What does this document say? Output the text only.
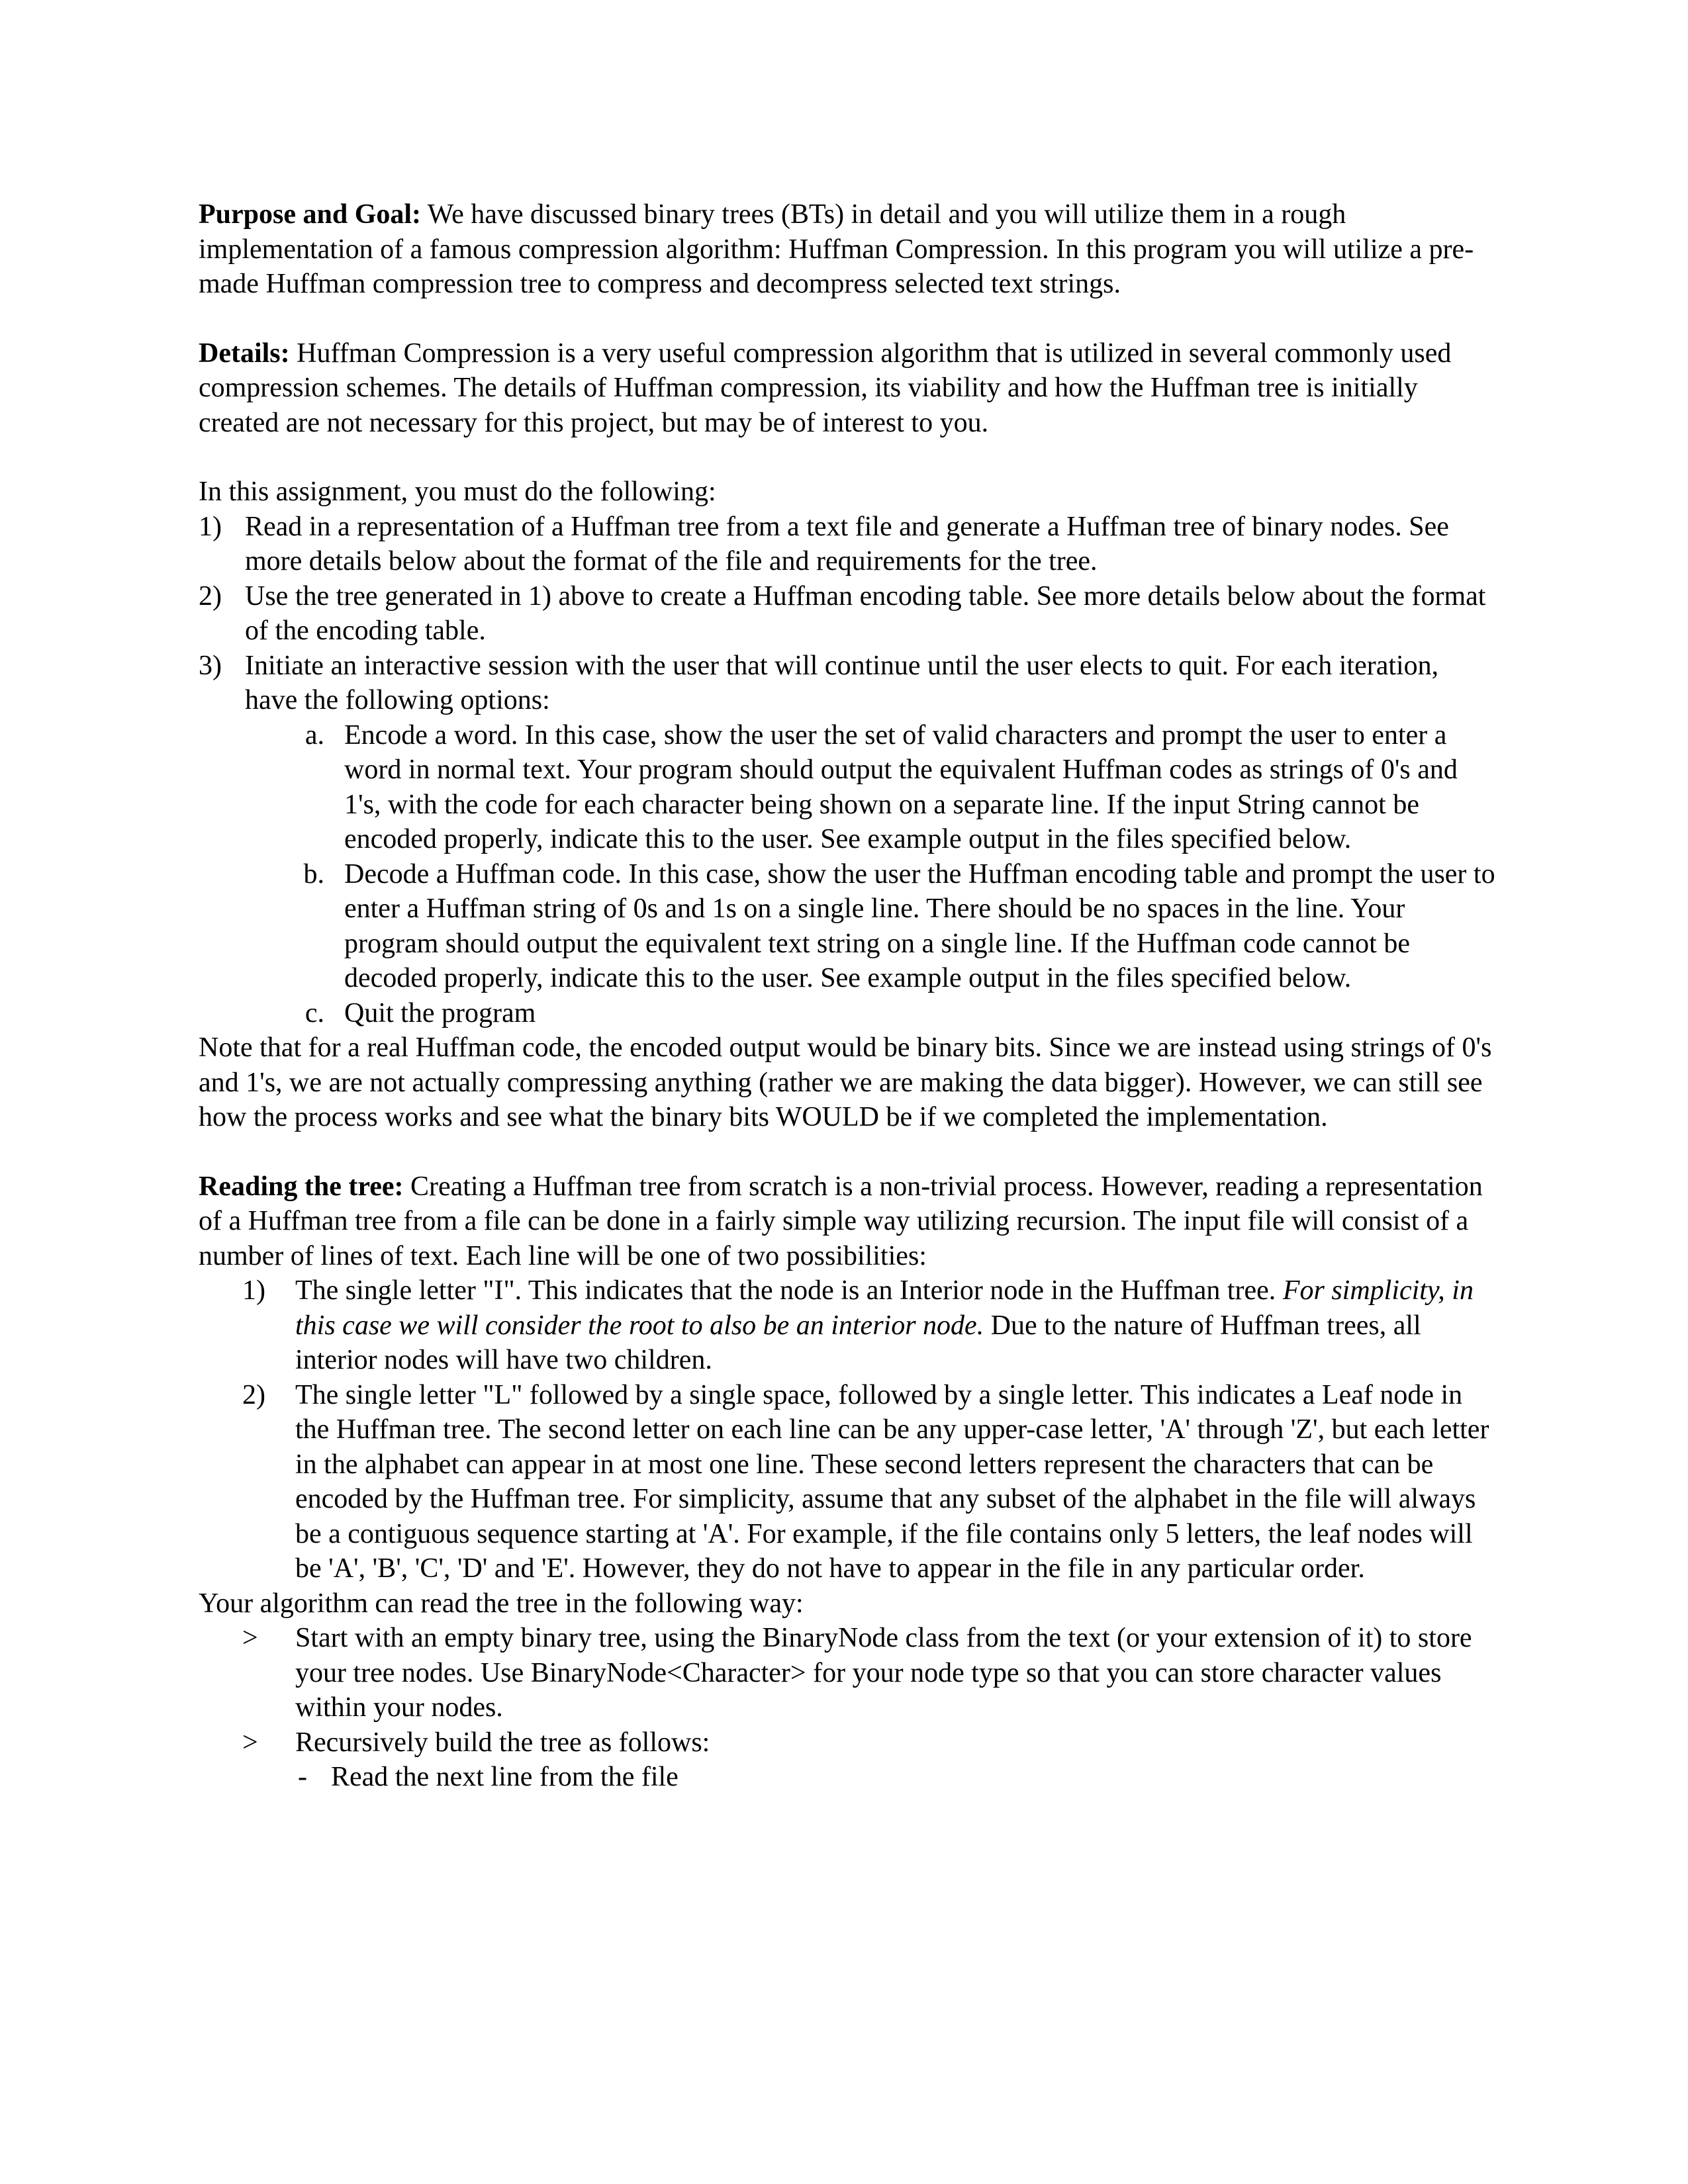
Purpose and Goal: We have discussed binary trees (BTs) in detail and you will utilize them in a rough implementation of a famous compression algorithm: Huffman Compression. In this program you will utilize a pre-made Huffman compression tree to compress and decompress selected text strings.

Details: Huffman Compression is a very useful compression algorithm that is utilized in several commonly used compression schemes. The details of Huffman compression, its viability and how the Huffman tree is initially created are not necessary for this project, but may be of interest to you.

In this assignment, you must do the following:

1) Read in a representation of a Huffman tree from a text file and generate a Huffman tree of binary nodes. See more details below about the format of the file and requirements for the tree.
2) Use the tree generated in 1) above to create a Huffman encoding table. See more details below about the format of the encoding table.
3) Initiate an interactive session with the user that will continue until the user elects to quit. For each iteration, have the following options:
a. Encode a word. In this case, show the user the set of valid characters and prompt the user to enter a word in normal text. Your program should output the equivalent Huffman codes as strings of 0's and 1's, with the code for each character being shown on a separate line. If the input String cannot be encoded properly, indicate this to the user. See example output in the files specified below.
b. Decode a Huffman code. In this case, show the user the Huffman encoding table and prompt the user to enter a Huffman string of 0s and 1s on a single line. There should be no spaces in the line. Your program should output the equivalent text string on a single line. If the Huffman code cannot be decoded properly, indicate this to the user. See example output in the files specified below.
c. Quit the program

Note that for a real Huffman code, the encoded output would be binary bits. Since we are instead using strings of 0's and 1's, we are not actually compressing anything (rather we are making the data bigger). However, we can still see how the process works and see what the binary bits WOULD be if we completed the implementation.

Reading the tree: Creating a Huffman tree from scratch is a non-trivial process. However, reading a representation of a Huffman tree from a file can be done in a fairly simple way utilizing recursion. The input file will consist of a number of lines of text. Each line will be one of two possibilities:

1)	The single letter "I". This indicates that the node is an Interior node in the Huffman tree. For simplicity, in this case we will consider the root to also be an interior node. Due to the nature of Huffman trees, all interior nodes will have two children.
2)	The single letter "L" followed by a single space, followed by a single letter. This indicates a Leaf node in the Huffman tree. The second letter on each line can be any upper-case letter, 'A' through 'Z', but each letter in the alphabet can appear in at most one line. These second letters represent the characters that can be encoded by the Huffman tree. For simplicity, assume that any subset of the alphabet in the file will always be a contiguous sequence starting at 'A'. For example, if the file contains only 5 letters, the leaf nodes will be 'A', 'B', 'C', 'D' and 'E'. However, they do not have to appear in the file in any particular order.

Your algorithm can read the tree in the following way:

>	Start with an empty binary tree, using the BinaryNode class from the text (or your extension of it) to store your tree nodes. Use BinaryNode<Character> for your node type so that you can store character values within your nodes.
>	Recursively build the tree as follows:
- Read the next line from the file
